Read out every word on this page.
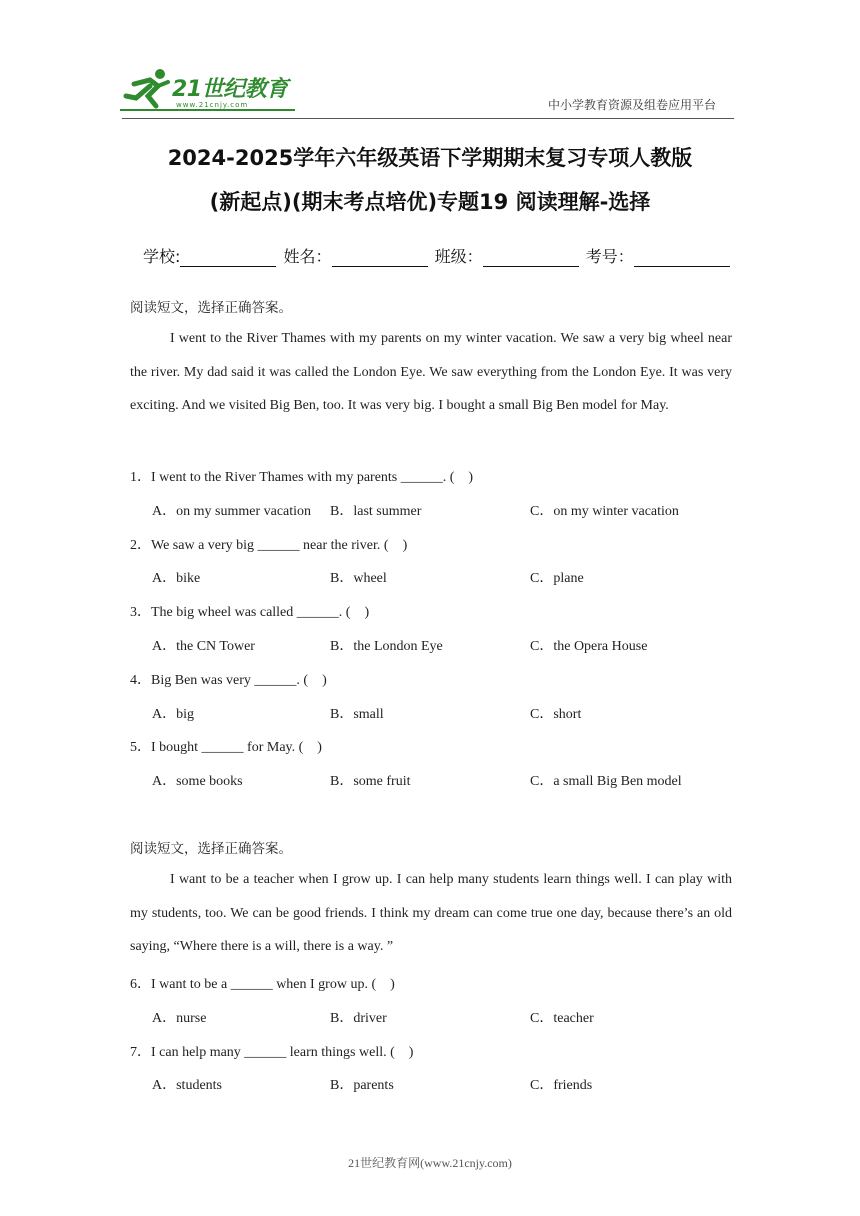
21世纪教育
www.21cnjy.com	中小学教育资源及组卷应用平台
2024-2025学年六年级英语下学期期末复习专项人教版
(新起点)(期末考点培优)专题19 阅读理解-选择
学校:	姓名：	班级：	考号：
阅读短文，选择正确答案。
I went to the River Thames with my parents on my winter vacation. We saw a very big wheel near the river. My dad said it was called the London Eye. We saw everything from the London Eye. It was very exciting. And we visited Big Ben, too. It was very big. I bought a small Big Ben model for May.
1．I went to the River Thames with my parents ______. (　)
A．on my summer vacation B．last summer	C．on my winter vacation
2．We saw a very big ______ near the river. (　)
A．bike	B．wheel	C．plane
3．The big wheel was called ______. (　)
A．the CN Tower	B．the London Eye	C．the Opera House
4．Big Ben was very ______. (　)
A．big	B．small	C．short
5．I bought ______ for May. (　)
A．some books	B．some fruit	C．a small Big Ben model
阅读短文，选择正确答案。
I want to be a teacher when I grow up. I can help many students learn things well. I can play with my students, too. We can be good friends. I think my dream can come true one day, because there’s an old saying, “Where there is a will, there is a way. ”
6．I want to be a ______ when I grow up. (　)
A．nurse	B．driver	C．teacher
7．I can help many ______ learn things well. (　)
A．students	B．parents	C．friends
21世纪教育网(www.21cnjy.com)
